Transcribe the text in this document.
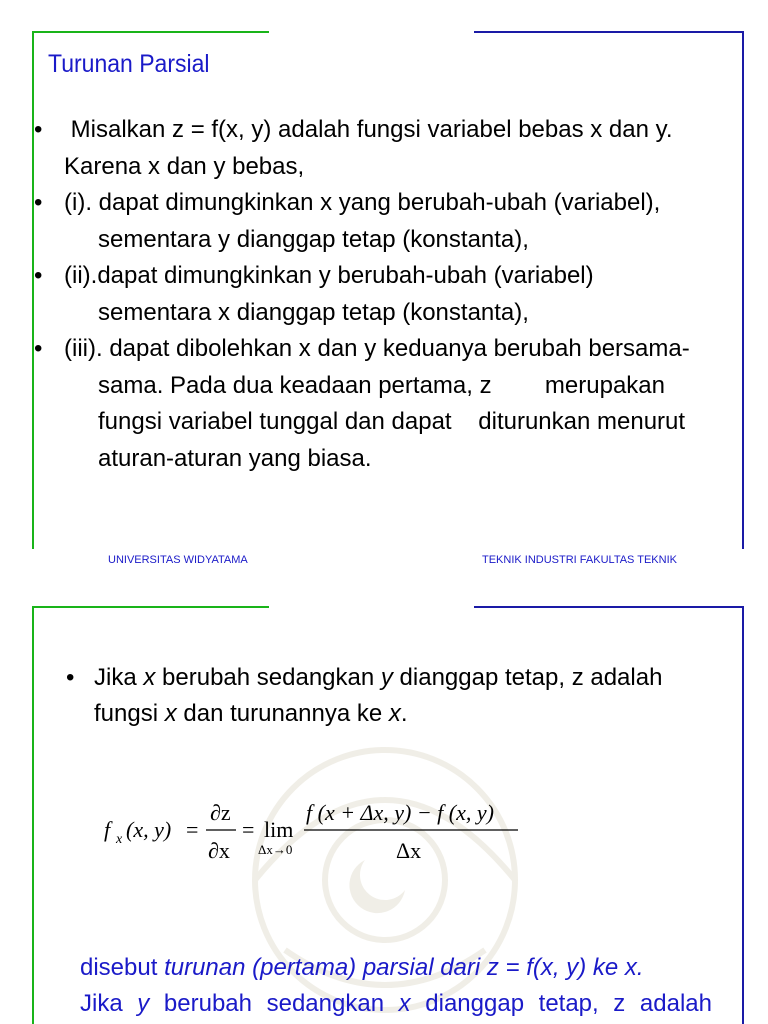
Turunan Parsial
• Misalkan z = f(x, y) adalah fungsi variabel bebas x dan y.
Karena x dan y bebas,
• (i). dapat dimungkinkan x yang berubah-ubah (variabel),
sementara y dianggap tetap (konstanta),
• (ii).dapat dimungkinkan y berubah-ubah (variabel)
sementara x dianggap tetap (konstanta),
• (iii). dapat dibolehkan x dan y keduanya berubah bersama-
sama. Pada dua keadaan pertama, z        merupakan
fungsi variabel tunggal dan dapat    diturunkan menurut
aturan-aturan yang biasa.
UNIVERSITAS WIDYATAMA	TEKNIK INDUSTRI FAKULTAS TEKNIK
• Jika x berubah sedangkan y dianggap tetap, z adalah
fungsi x dan turunannya ke x.
f x (x, y) =
∂z
∂x
= lim
Δx→0
f (x + Δx, y) − f (x, y)
Δx
disebut turunan (pertama) parsial dari z = f(x, y) ke x.
Jika y berubah sedangkan x dianggap tetap, z adalah
